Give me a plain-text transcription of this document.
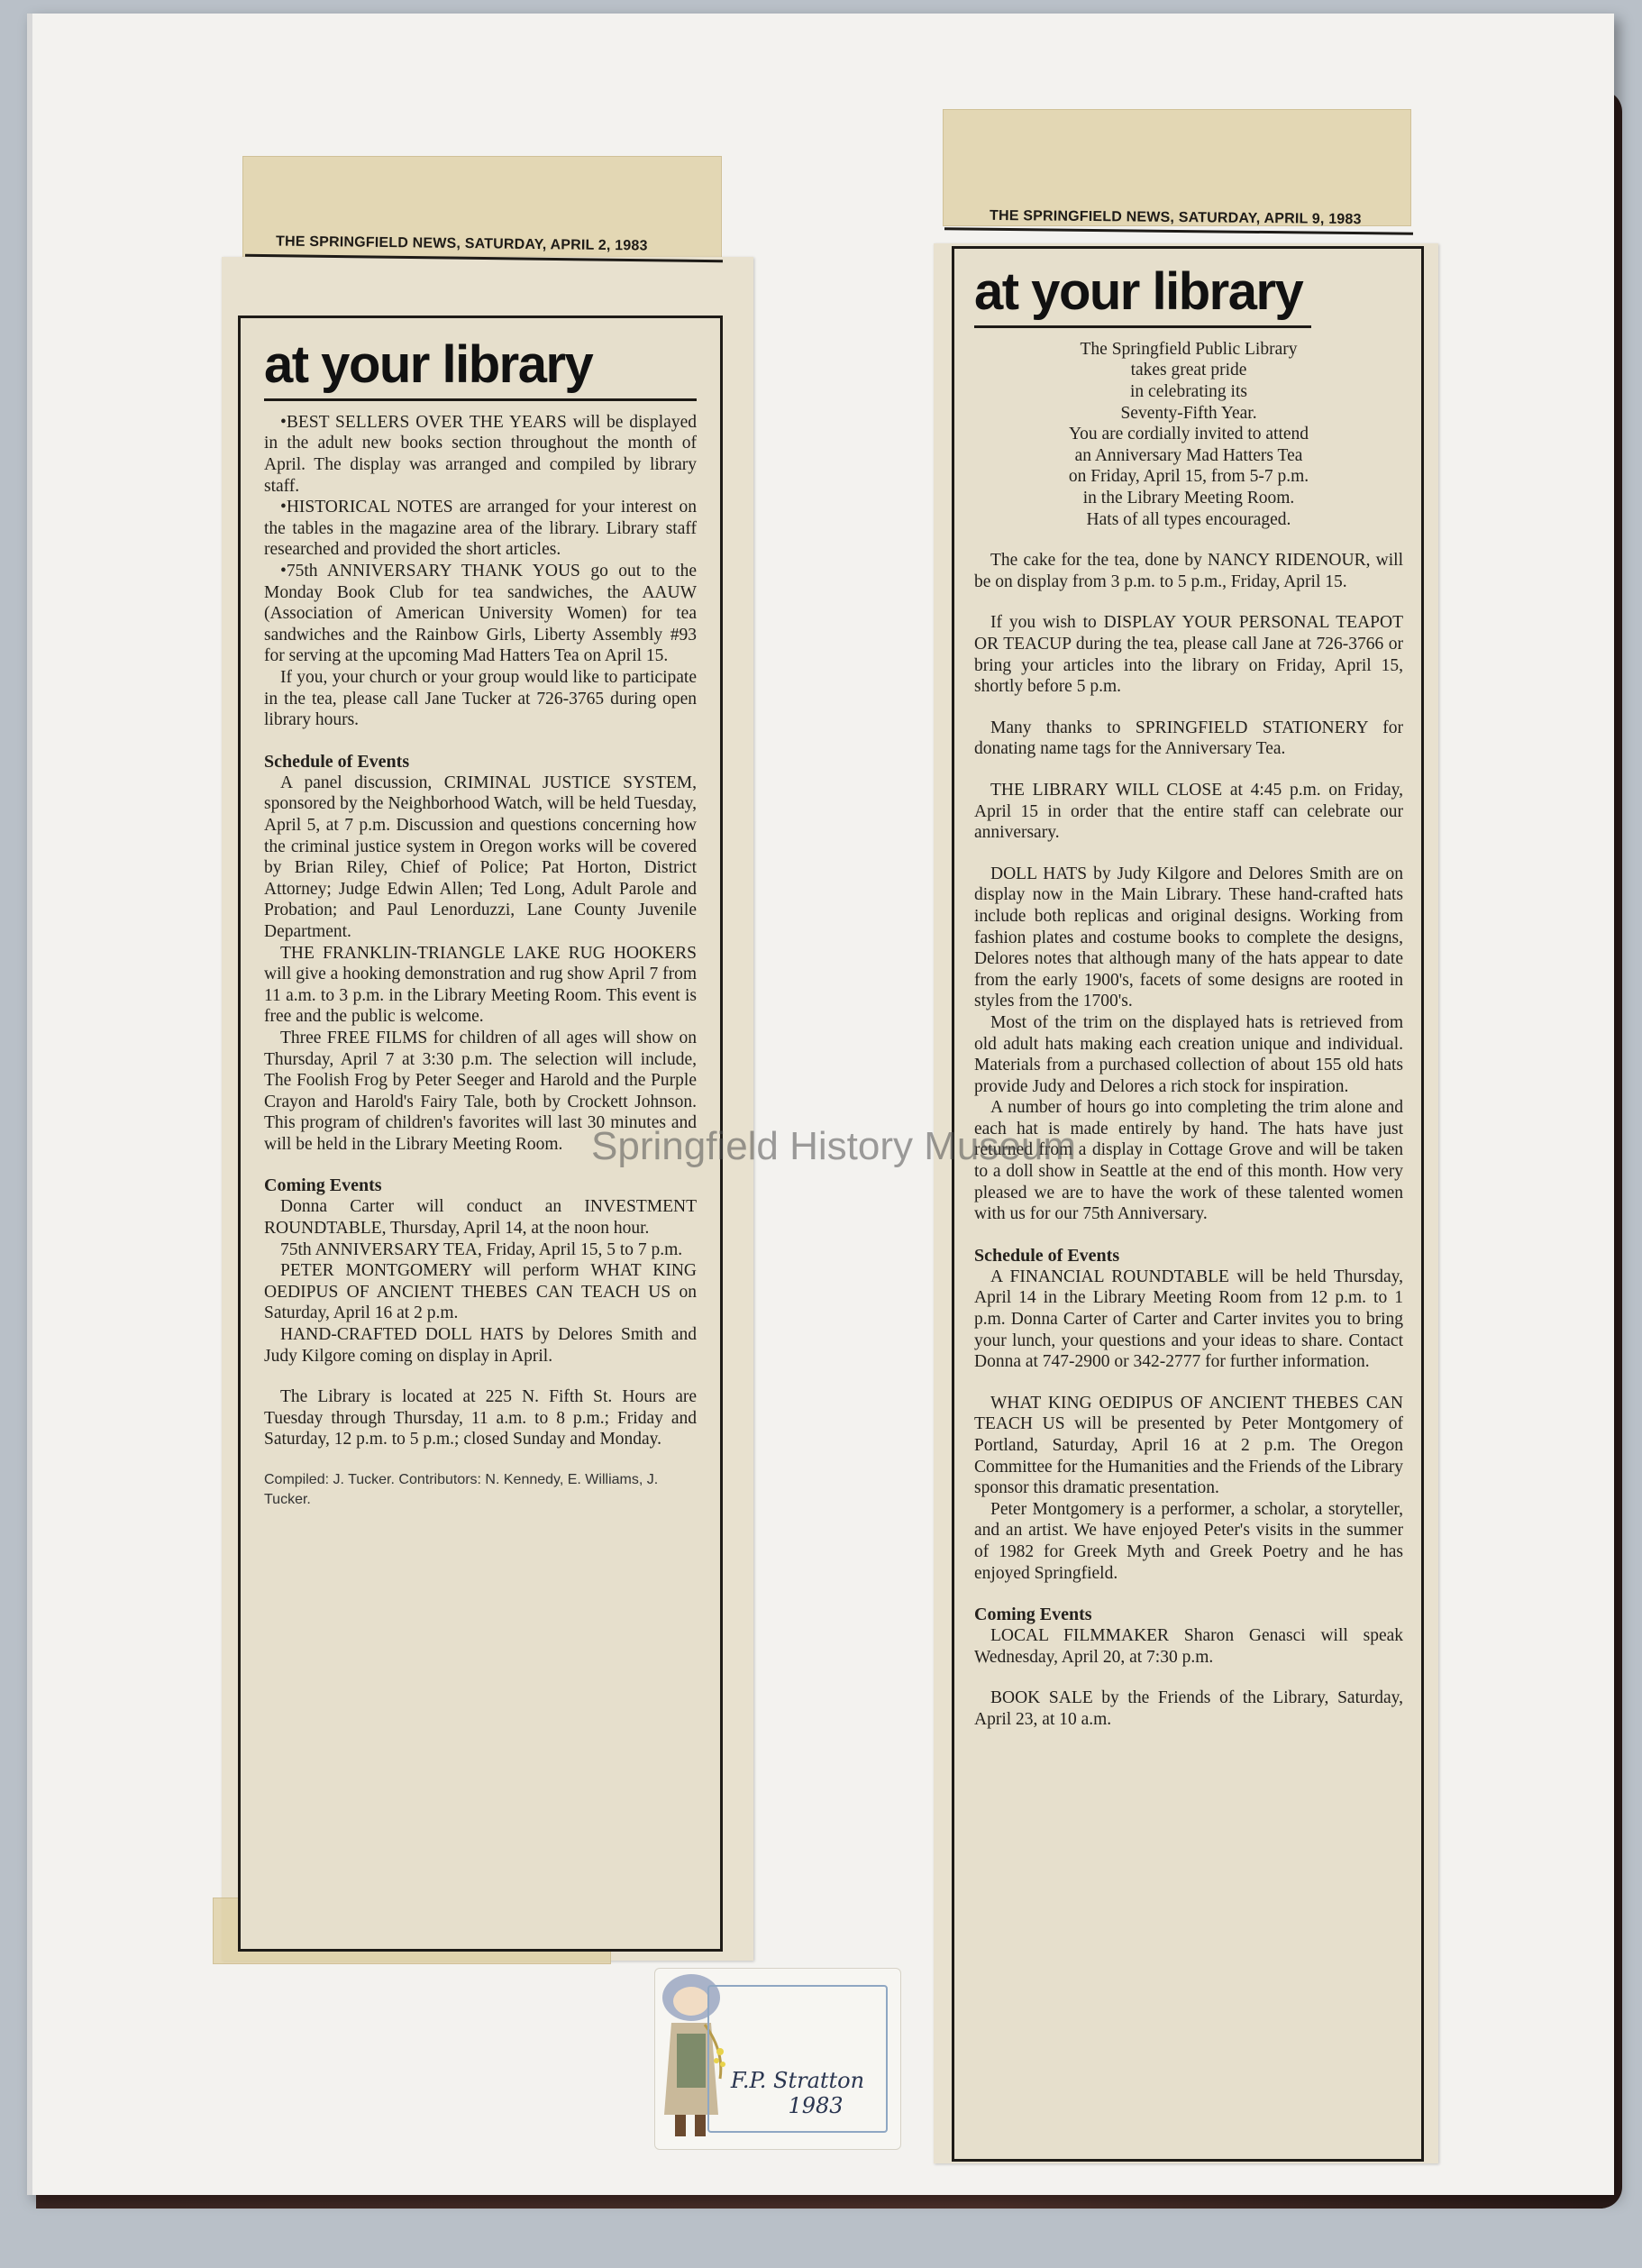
THE SPRINGFIELD NEWS, SATURDAY, APRIL 2, 1983
at your library

•BEST SELLERS OVER THE YEARS will be displayed in the adult new books section throughout the month of April. The display was arranged and compiled by library staff.

•HISTORICAL NOTES are arranged for your interest on the tables in the magazine area of the library. Library staff researched and provided the short articles.

•75th ANNIVERSARY THANK YOUS go out to the Monday Book Club for tea sandwiches, the AAUW (Association of American University Women) for tea sandwiches and the Rainbow Girls, Liberty Assembly #93 for serving at the upcoming Mad Hatters Tea on April 15.

If you, your church or your group would like to participate in the tea, please call Jane Tucker at 726-3765 during open library hours.

Schedule of Events

A panel discussion, CRIMINAL JUSTICE SYSTEM, sponsored by the Neighborhood Watch, will be held Tuesday, April 5, at 7 p.m. Discussion and questions concerning how the criminal justice system in Oregon works will be covered by Brian Riley, Chief of Police; Pat Horton, District Attorney; Judge Edwin Allen; Ted Long, Adult Parole and Probation; and Paul Lenorduzzi, Lane County Juvenile Department.

THE FRANKLIN-TRIANGLE LAKE RUG HOOKERS will give a hooking demonstration and rug show April 7 from 11 a.m. to 3 p.m. in the Library Meeting Room. This event is free and the public is welcome.

Three FREE FILMS for children of all ages will show on Thursday, April 7 at 3:30 p.m. The selection will include, The Foolish Frog by Peter Seeger and Harold and the Purple Crayon and Harold's Fairy Tale, both by Crockett Johnson. This program of children's favorites will last 30 minutes and will be held in the Library Meeting Room.

Coming Events

Donna Carter will conduct an INVESTMENT ROUNDTABLE, Thursday, April 14, at the noon hour.

75th ANNIVERSARY TEA, Friday, April 15, 5 to 7 p.m.

PETER MONTGOMERY will perform WHAT KING OEDIPUS OF ANCIENT THEBES CAN TEACH US on Saturday, April 16 at 2 p.m.

HAND-CRAFTED DOLL HATS by Delores Smith and Judy Kilgore coming on display in April.

The Library is located at 225 N. Fifth St. Hours are Tuesday through Thursday, 11 a.m. to 8 p.m.; Friday and Saturday, 12 p.m. to 5 p.m.; closed Sunday and Monday.

Compiled: J. Tucker. Contributors: N. Kennedy, E. Williams, J. Tucker.

THE SPRINGFIELD NEWS, SATURDAY, APRIL 9, 1983
at your library

The Springfield Public Library

takes great pride

in celebrating its

Seventy-Fifth Year.

You are cordially invited to attend

an Anniversary Mad Hatters Tea

on Friday, April 15, from 5-7 p.m.

in the Library Meeting Room.

Hats of all types encouraged.

The cake for the tea, done by NANCY RIDENOUR, will be on display from 3 p.m. to 5 p.m., Friday, April 15.

If you wish to DISPLAY YOUR PERSONAL TEAPOT OR TEACUP during the tea, please call Jane at 726-3766 or bring your articles into the library on Friday, April 15, shortly before 5 p.m.

Many thanks to SPRINGFIELD STATIONERY for donating name tags for the Anniversary Tea.

THE LIBRARY WILL CLOSE at 4:45 p.m. on Friday, April 15 in order that the entire staff can celebrate our anniversary.

DOLL HATS by Judy Kilgore and Delores Smith are on display now in the Main Library. These hand-crafted hats include both replicas and original designs. Working from fashion plates and costume books to complete the designs, Delores notes that although many of the hats appear to date from the early 1900's, facets of some designs are rooted in styles from the 1700's.

Most of the trim on the displayed hats is retrieved from old adult hats making each creation unique and individual. Materials from a purchased collection of about 155 old hats provide Judy and Delores a rich stock for inspiration.

A number of hours go into completing the trim alone and each hat is made entirely by hand. The hats have just returned from a display in Cottage Grove and will be taken to a doll show in Seattle at the end of this month. How very pleased we are to have the work of these talented women with us for our 75th Anniversary.

Schedule of Events

A FINANCIAL ROUNDTABLE will be held Thursday, April 14 in the Library Meeting Room from 12 p.m. to 1 p.m. Donna Carter of Carter and Carter invites you to bring your lunch, your questions and your ideas to share. Contact Donna at 747-2900 or 342-2777 for further information.

WHAT KING OEDIPUS OF ANCIENT THEBES CAN TEACH US will be presented by Peter Montgomery of Portland, Saturday, April 16 at 2 p.m. The Oregon Committee for the Humanities and the Friends of the Library sponsor this dramatic presentation.

Peter Montgomery is a performer, a scholar, a storyteller, and an artist. We have enjoyed Peter's visits in the summer of 1982 for Greek Myth and Greek Poetry and he has enjoyed Springfield.

Coming Events

LOCAL FILMMAKER Sharon Genasci will speak Wednesday, April 20, at 7:30 p.m.

BOOK SALE by the Friends of the Library, Saturday, April 23, at 10 a.m.

F.P. Stratton
1983
Springfield History Museum
